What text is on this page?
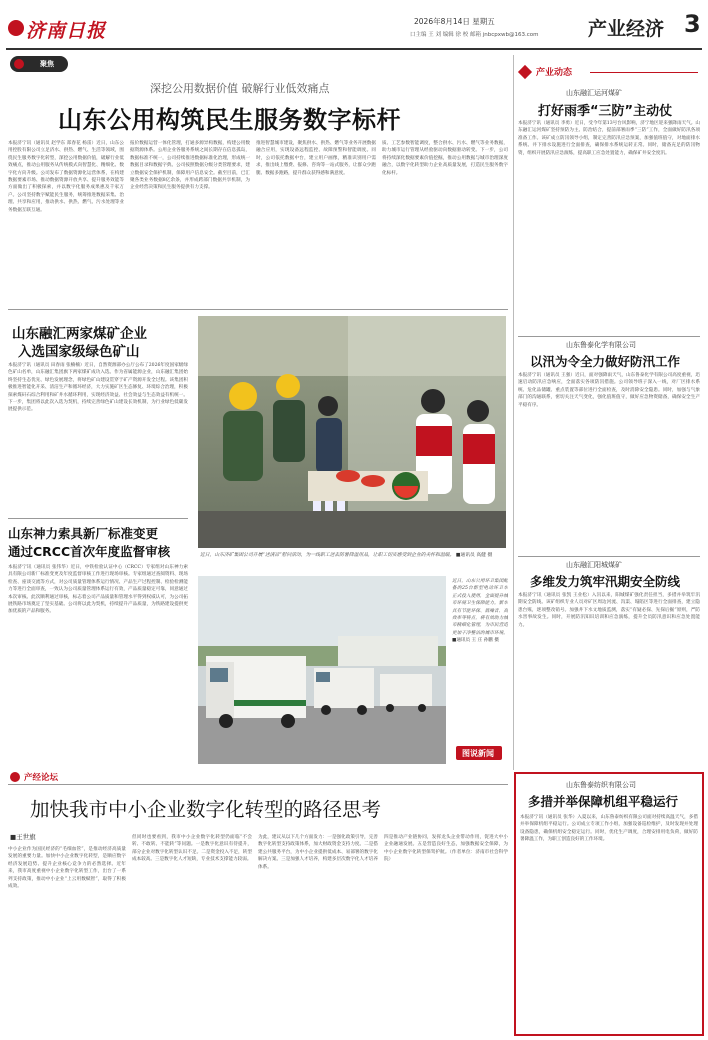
济南日报	2026年8月14日 星期五
口主编 王 刘 编辑 徐 校 邮箱 jnbcpxwb@163.com	产业经济 3
聚焦
深挖公用数据价值 破解行业低效痛点
山东公用构筑民生服务数字标杆
本报济宁讯（通讯员 赵学东 郑春花 杨雷）近日，山东公用控股有限公司立足济水、供热、燃气、生活等领域，围绕民生服务数字化转型，深挖公用数据价值，破解行业低效痛点，推动公用服务从传统模式向智慧化、精细化、数字化方向升级。公司发布了数据资源化运营体系，在构建数据要素市场、推动数据资源开放共享、提升服务效能等方面做出了积极探索，并以数字化服务成果惠及千家万户。公司坚持数字赋能民生服务，统筹推进数据采集、治理、共享和应用，推动供水、供热、燃气、污水处理等业务数据互联互通。
报价数据运营一体化管理，打通多源异构数据，构建公用数据资源体系。公用企业各服务系统之间长期存在信息孤岛，数据标准不统一，公司持续推进数据标准化治理，形成统一数据目录和数据字典。公司按照数据分级分类管理要求，建立数据安全保护机制，保障用户信息安全。截至目前，已汇聚各类业务数据8亿余条，并形成跨部门数据共享机制，为企业经营决策和民生服务提供有力支撑。
推进智慧城市建设，聚焦供水、供热、燃气等业务开展数据融合应用，实现设备远程监控、故障预警和智能调度。同时，公司依托数据中台，建立用户画像，精准识别用户需求，推出线上缴费、报修、咨询等一站式服务，让群众少跑腿、数据多跑路，提升群众获得感和满意度。
质、工艺参数智能调度，整合供水、污水、燃气等业务数据，助力城市运行管理从经验驱动向数据驱动转变。下一步，公司将持续深化数据要素价值挖掘，推动公用数据与城市治理深度融合，以数字化转型助力企业高质量发展，打造民生服务数字化标杆。
山东融汇两家煤矿企业
入选国家级绿色矿山
本报济宁讯（通讯员 田春雨 张楠楠）近日，自然资源部办公厅公布了2026年度国家级绿色矿山名单，山东融汇集团旗下两家煤矿成功入选。作为省属能源企业，山东融汇集团始终坚持生态优先、绿色发展理念，将绿色矿山建设贯穿于矿产资源开发全过程。该集团积极推进智能化开采、清洁生产和循环经济，大力实施矿区生态修复、环境综合治理，积极探索煤矸石综合利用和矿井水循环利用，实现经济效益、社会效益与生态效益有机统一。下一步，集团将以此次入选为契机，持续完善绿色矿山建设长效机制，为行业绿色低碳发展提供示范。
山东神力索具新厂标准变更
通过CRCC首次年度监督审核
本报济宁讯（通讯员 张伟华）近日，中铁检验认证中心（CRCC）专家组对山东神力索具有限公司新厂标准变更及年度监督审核工作进行现场审核。专家组通过查阅资料、现场检查、座谈交流等方式，对公司质量管理体系运行情况、产品生产过程控制、检验检测能力等进行全面审查，一致认为公司质量管理体系运行有效，产品质量稳定可靠，同意通过本次审核。此次顺利通过审核，标志着公司产品质量和管理水平得到权威认可，为公司拓展铁路市场奠定了坚实基础。公司将以此为契机，持续提升产品质量，为铁路建设提供更加优质的产品和服务。
近日，山东济矿集团公司开展“送清凉”慰问活动，为一线职工送去防暑降温用品，让职工切实感受到企业的关怀和温暖。 ■通讯员 高健 摄
近日，山东公用环卫集团配备的25台新型电动环卫车正式投入使用，全面提升城市环境卫生保障能力。新车具有节能环保、低噪音、高效率等特点，将有效助力城市精细化管理，为市民营造更加干净整洁的城市环境。 ■通讯员 王 庄 孙鹏 摄
图说新闻
产业动态
山东融汇运河煤矿
打好雨季“三防”主动仗
本报济宁讯（通讯员 李勇）近日，受今年第13号台风影响，济宁地区迎来强降雨天气。山东融汇运河煤矿坚持预防为主、防治结合，提前部署雨季“三防”工作，全面做好防汛各项准备工作。该矿成立防汛领导小组，制定完善防汛应急预案，加强值班值守，对地面排水系统、井下排水设施进行全面排查，确保排水系统运转正常。同时，储备充足的防汛物资，组织开展防汛应急演练，提高职工应急处置能力，确保矿井安全度汛。
山东鲁泰化学有限公司
以汛为令全力做好防汛工作
本报济宁讯（通讯员 王强）近日，面对强降雨天气，山东鲁泰化学有限公司高度重视，迅速启动防汛应急响应，全面落实各项防汛措施。公司领导班子深入一线，对厂区排水系统、危化品储罐、重点装置等部位进行全面检查，及时消除安全隐患。同时，加强与气象部门的沟通联系，密切关注天气变化，强化值班值守，做好应急物资储备，确保安全生产平稳有序。
山东融汇阳城煤矿
多维发力筑牢汛期安全防线
本报济宁讯（通讯员 张凯 王业松）入汛以来，阳城煤矿强化责任担当，多措并举筑牢汛期安全防线。该矿组织专业人员对矿区周边河流、沟渠、塌陷区等进行全面排查，建立隐患台账，逐项整改销号。加强井下水文地质监测，落实“有疑必探、先探后掘”原则，严防水害事故发生。同时，开展防汛知识培训和应急演练，提升全员防汛意识和应急处置能力。
产经论坛
加快我市中小企业数字化转型的路径思考
■王世旗
中小企业作为国民经济的“毛细血管”，是推动经济高质量发展的重要力量。加快中小企业数字化转型，是顺应数字经济发展趋势、提升企业核心竞争力的必然选择。近年来，我市高度重视中小企业数字化转型工作，出台了一系列支持政策，推动中小企业“上云用数赋智”，取得了积极成效。
但同时也要看到，我市中小企业数字化转型仍面临“不会转、不敢转、不能转”等问题。一是数字化意识有待提升，部分企业对数字化转型认识不足。二是资金投入不足，转型成本较高。三是数字化人才短缺，专业技术支撑能力较弱。
为此，建议从以下几个方面发力：一是强化政策引导，完善数字化转型支持政策体系，加大财政资金支持力度。二是搭建公共服务平台，为中小企业提供低成本、易部署的数字化解决方案。三是加强人才培养，构建多层次数字化人才培养体系。
四是推动产业链协同，发挥龙头企业带动作用，促进大中小企业融通发展。五是营造良好生态，加强数据安全保障，为中小企业数字化转型保驾护航。（作者单位：济南市社会科学院）
山东鲁泰纺织有限公司
多措并举保障机组平稳运行
本报济宁讯（通讯员 张华）入夏以来，山东鲁泰纺织有限公司面对持续高温天气，多措并举保障机组平稳运行。公司成立专项工作小组，加强设备巡检维护，及时发现并处理设备隐患，确保机组安全稳定运行。同时，优化生产调度，合理安排用电负荷，做好防暑降温工作，为职工创造良好的工作环境。
